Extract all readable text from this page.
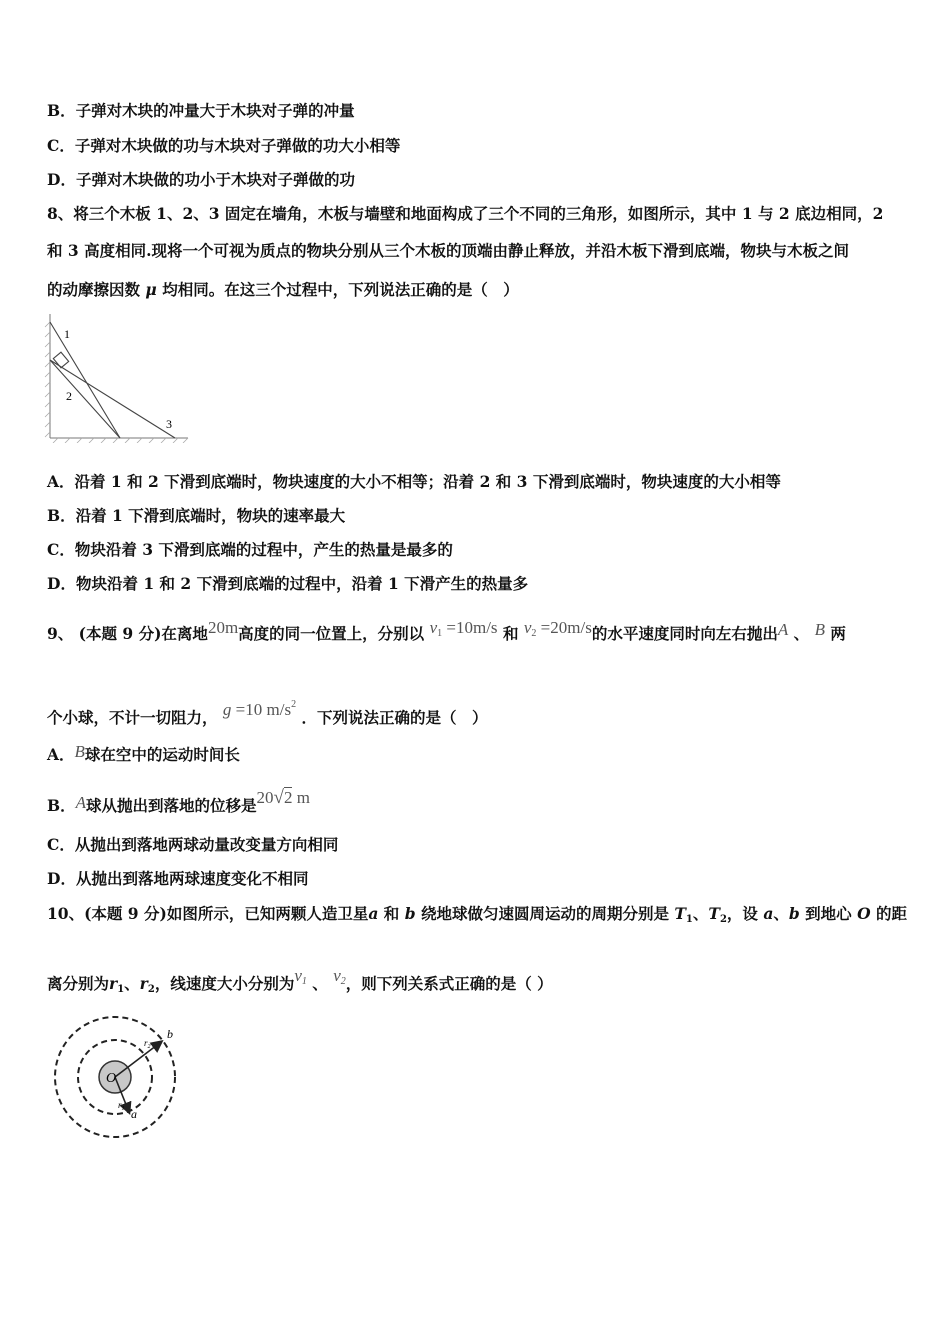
B．子弹对木块的冲量大于木块对子弹的冲量
C．子弹对木块做的功与木块对子弹做的功大小相等
D．子弹对木块做的功小于木块对子弹做的功
8、将三个木板 1、2、3 固定在墙角，木板与墙壁和地面构成了三个不同的三角形，如图所示，其中 1 与 2 底边相同，2
和 3 高度相同.现将一个可视为质点的物块分别从三个木板的顶端由静止释放，并沿木板下滑到底端，物块与木板之间
的动摩擦因数 μ 均相同。在这三个过程中，下列说法正确的是（　）
1
2
3
A．沿着 1 和 2 下滑到底端时，物块速度的大小不相等；沿着 2 和 3 下滑到底端时，物块速度的大小相等
B．沿着 1 下滑到底端时，物块的速率最大
C．物块沿着 3 下滑到底端的过程中，产生的热量是最多的
D．物块沿着 1 和 2 下滑到底端的过程中，沿着 1 下滑产生的热量多
9、 (本题 9 分)在离地20m高度的同一位置上，分别以 $v_1 =10m/s$ 和 $v_2 =20m/s$的水平速度同时向左右抛出A 、 B 两
个小球，不计一切阻力， g =10 $m/s^2$ ．下列说法正确的是（　）
A．B球在空中的运动时间长
B．A球从抛出到落地的位移是20√2 m
C．从抛出到落地两球动量改变量方向相同
D．从抛出到落地两球速度变化不相同
10、(本题 9 分)如图所示，已知两颗人造卫星a 和 b 绕地球做匀速圆周运动的周期分别是 T1、T2，设 a、b 到地心 O 的距
离分别为r1、r2，线速度大小分别为$v_1$ 、 $v_2$，则下列关系式正确的是（ ）
O
b
a
$r_2$
$r_1$
